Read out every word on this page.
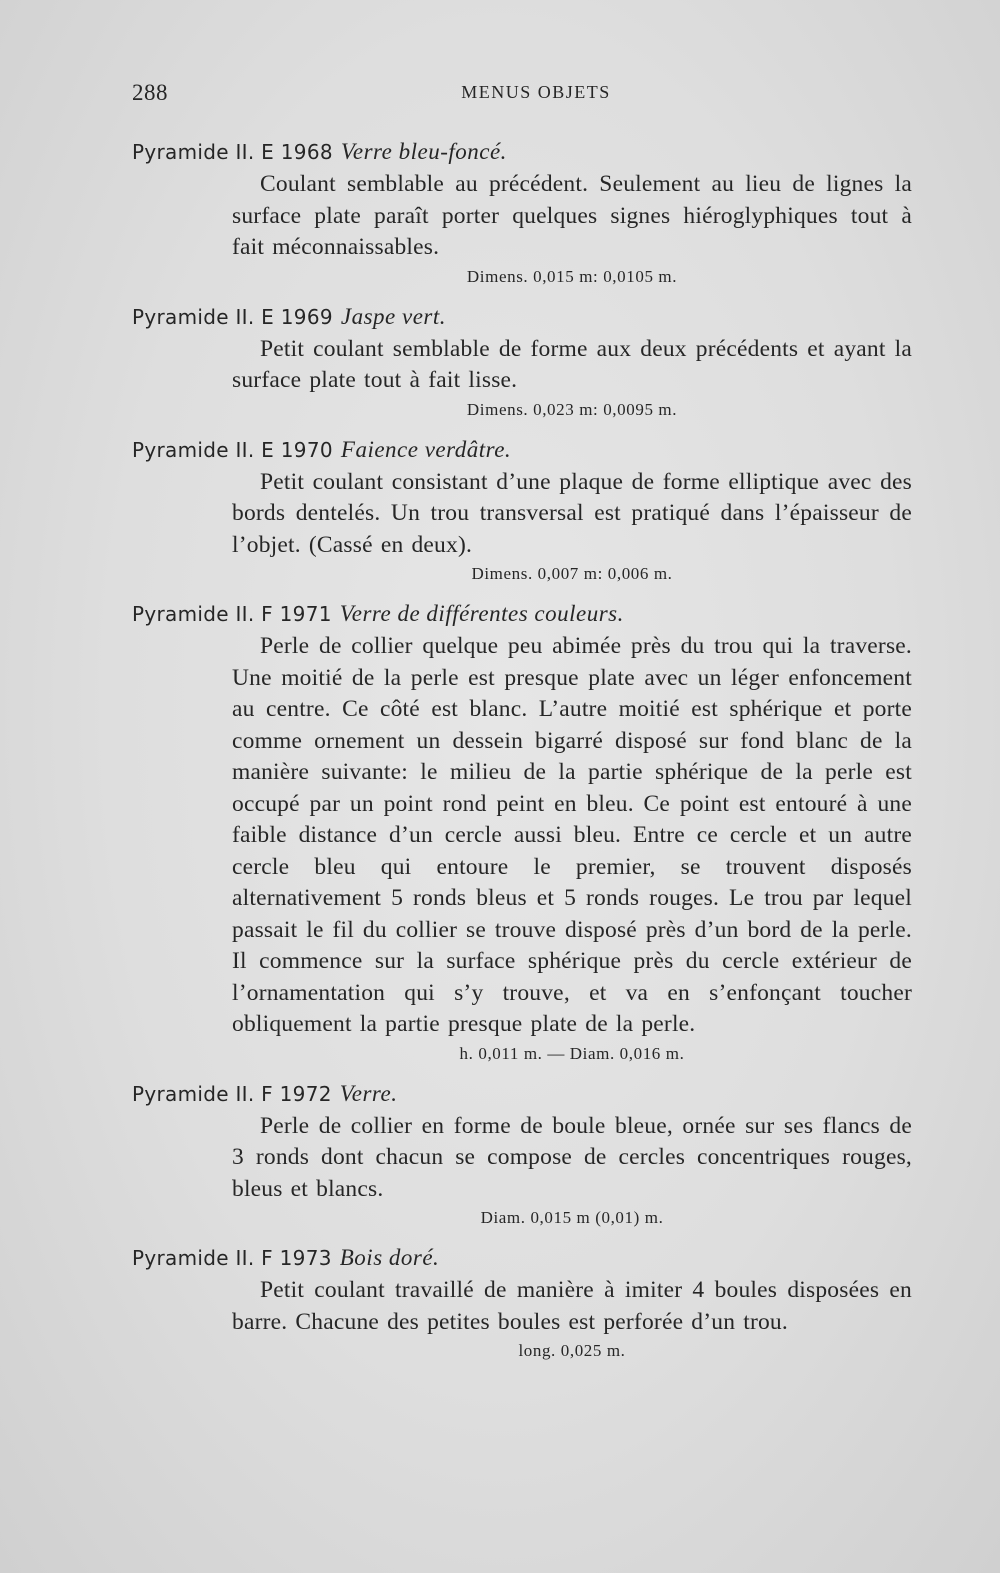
288	MENUS OBJETS
Pyramide II. E 1968 Verre bleu-foncé.

Coulant semblable au précédent. Seulement au lieu de lignes la surface plate paraît porter quelques signes hiéroglyphiques tout à fait méconnaissables.

Dimens. 0,015 m: 0,0105 m.
Pyramide II. E 1969 Jaspe vert.

Petit coulant semblable de forme aux deux précédents et ayant la surface plate tout à fait lisse.

Dimens. 0,023 m: 0,0095 m.
Pyramide II. E 1970 Faience verdâtre.

Petit coulant consistant d’une plaque de forme elliptique avec des bords dentelés. Un trou transversal est pratiqué dans l’épaisseur de l’objet. (Cassé en deux).

Dimens. 0,007 m: 0,006 m.
Pyramide II. F 1971 Verre de différentes couleurs.

Perle de collier quelque peu abimée près du trou qui la traverse. Une moitié de la perle est presque plate avec un léger enfoncement au centre. Ce côté est blanc. L’autre moitié est sphérique et porte comme ornement un dessein bigarré disposé sur fond blanc de la manière suivante: le milieu de la partie sphérique de la perle est occupé par un point rond peint en bleu. Ce point est entouré à une faible distance d’un cercle aussi bleu. Entre ce cercle et un autre cercle bleu qui entoure le premier, se trouvent disposés alternativement 5 ronds bleus et 5 ronds rouges. Le trou par lequel passait le fil du collier se trouve disposé près d’un bord de la perle. Il commence sur la surface sphérique près du cercle extérieur de l’ornamentation qui s’y trouve, et va en s’enfonçant toucher obliquement la partie presque plate de la perle.

h. 0,011 m. — Diam. 0,016 m.
Pyramide II. F 1972 Verre.

Perle de collier en forme de boule bleue, ornée sur ses flancs de 3 ronds dont chacun se compose de cercles concentriques rouges, bleus et blancs.

Diam. 0,015 m (0,01) m.
Pyramide II. F 1973 Bois doré.

Petit coulant travaillé de manière à imiter 4 boules disposées en barre. Chacune des petites boules est perforée d’un trou.

long. 0,025 m.
